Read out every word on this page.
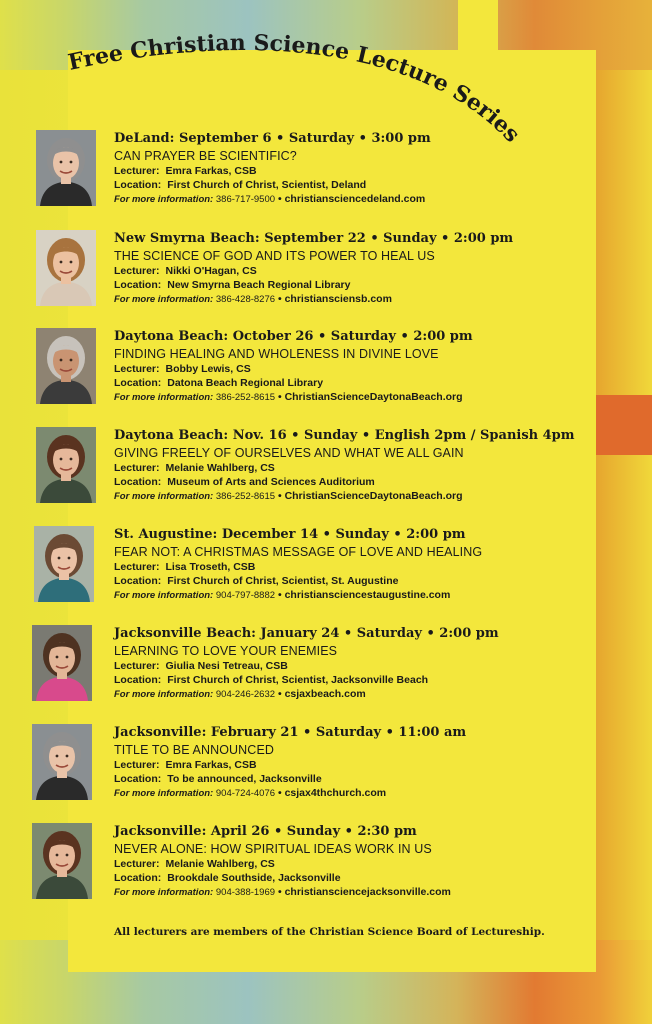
Free Christian Science Lecture Series
DeLand: September 6 • Saturday • 3:00 pm
CAN PRAYER BE SCIENTIFIC?
Lecturer: Emra Farkas, CSB
Location: First Church of Christ, Scientist, Deland
For more information: 386-717-9500 • christiansciencedeland.com
New Smyrna Beach: September 22 • Sunday • 2:00 pm
THE SCIENCE OF GOD AND ITS POWER TO HEAL US
Lecturer: Nikki O'Hagan, CS
Location: New Smyrna Beach Regional Library
For more information: 386-428-8276 • christiansciensb.com
Daytona Beach: October 26 • Saturday • 2:00 pm
FINDING HEALING AND WHOLENESS IN DIVINE LOVE
Lecturer: Bobby Lewis, CS
Location: Datona Beach Regional Library
For more information: 386-252-8615 • ChristianScienceDaytonaBeach.org
Daytona Beach: Nov. 16 • Sunday • English 2pm / Spanish 4pm
GIVING FREELY OF OURSELVES AND WHAT WE ALL GAIN
Lecturer: Melanie Wahlberg, CS
Location: Museum of Arts and Sciences Auditorium
For more information: 386-252-8615 • ChristianScienceDaytonaBeach.org
St. Augustine: December 14 • Sunday • 2:00 pm
FEAR NOT: A CHRISTMAS MESSAGE OF LOVE AND HEALING
Lecturer: Lisa Troseth, CSB
Location: First Church of Christ, Scientist, St. Augustine
For more information: 904-797-8882 • christiansciencestaugustine.com
Jacksonville Beach: January 24 • Saturday • 2:00 pm
LEARNING TO LOVE YOUR ENEMIES
Lecturer: Giulia Nesi Tetreau, CSB
Location: First Church of Christ, Scientist, Jacksonville Beach
For more information: 904-246-2632 • csjaxbeach.com
Jacksonville: February 21 • Saturday • 11:00 am
TITLE TO BE ANNOUNCED
Lecturer: Emra Farkas, CSB
Location: To be announced, Jacksonville
For more information: 904-724-4076 • csjax4thchurch.com
Jacksonville: April 26 • Sunday • 2:30 pm
NEVER ALONE: HOW SPIRITUAL IDEAS WORK IN US
Lecturer: Melanie Wahlberg, CS
Location: Brookdale Southside, Jacksonville
For more information: 904-388-1969 • christiansciencejacksonville.com
All lecturers are members of the Christian Science Board of Lectureship.
